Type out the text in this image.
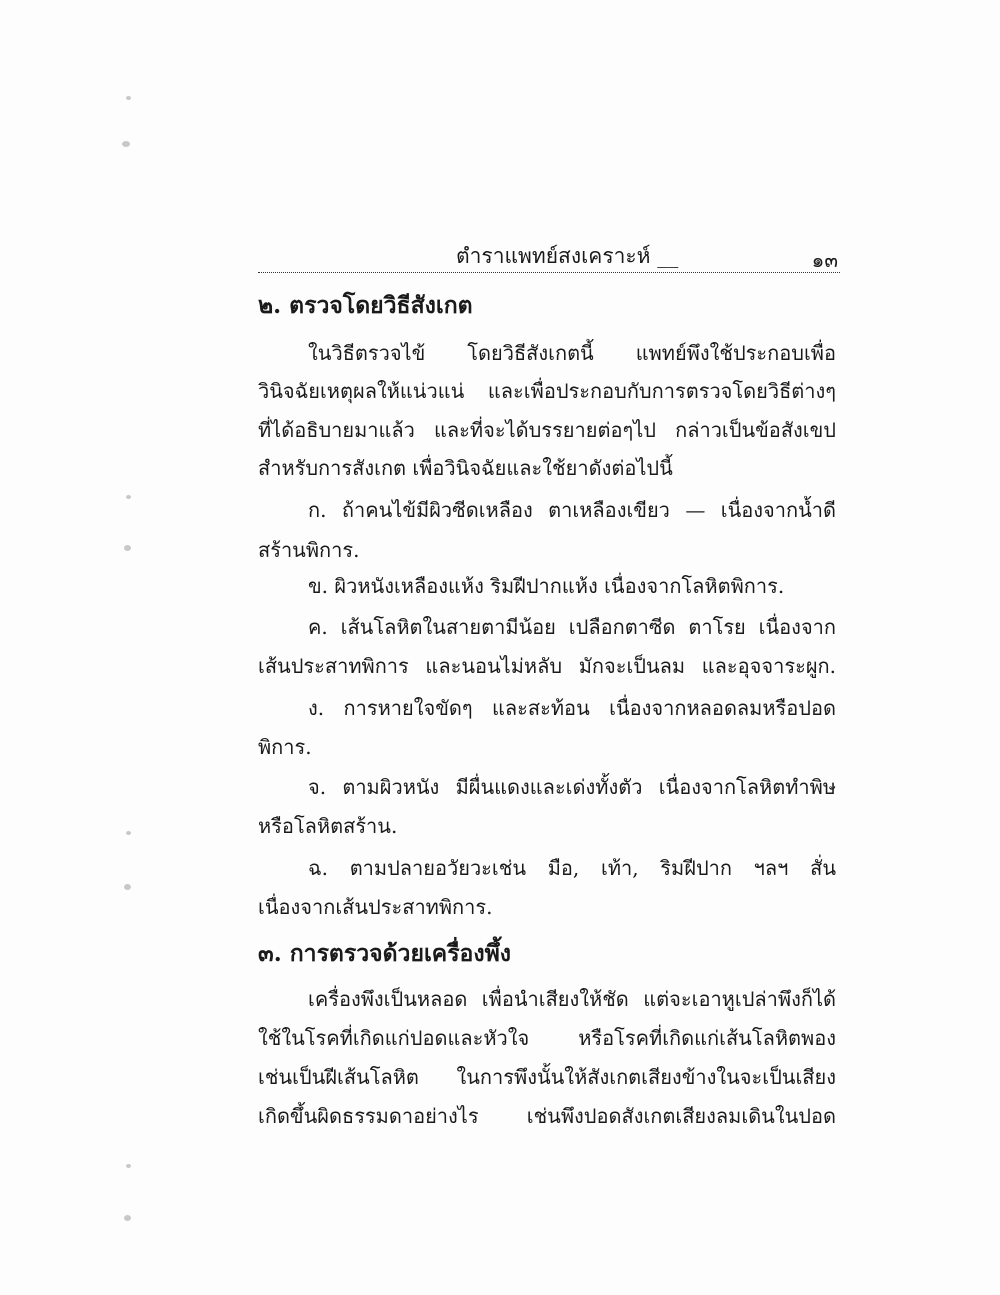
ตำราแพทย์สงเคราะห์ __	๑๓
๒. ตรวจโดยวิธีสังเกต
ในวิธีตรวจไข้ โดยวิธีสังเกตนี้ แพทย์พึงใช้ประกอบเพื่อ
วินิจฉัยเหตุผลให้แน่วแน่ และเพื่อประกอบกับการตรวจโดยวิธีต่างๆ
ที่ได้อธิบายมาแล้ว และที่จะได้บรรยายต่อๆไป กล่าวเป็นข้อสังเขป
สำหรับการสังเกต เพื่อวินิจฉัยและใช้ยาดังต่อไปนี้
ก. ถ้าคนไข้มีผิวซีดเหลือง ตาเหลืองเขียว — เนื่องจากน้ำดี
สร้านพิการ.
ข. ผิวหนังเหลืองแห้ง ริมฝีปากแห้ง เนื่องจากโลหิตพิการ.
ค. เส้นโลหิตในสายตามีน้อย เปลือกตาซีด ตาโรย เนื่องจาก
เส้นประสาทพิการ และนอนไม่หลับ มักจะเป็นลม และอุจจาระผูก.
ง. การหายใจขัดๆ และสะท้อน เนื่องจากหลอดลมหรือปอด
พิการ.
จ. ตามผิวหนัง มีผื่นแดงและเด่งทั้งตัว เนื่องจากโลหิตทำพิษ
หรือโลหิตสร้าน.
ฉ. ตามปลายอวัยวะเช่น มือ, เท้า, ริมฝีปาก ฯลฯ สั่น
เนื่องจากเส้นประสาทพิการ.
๓. การตรวจด้วยเครื่องพึ้ง
เครื่องพึงเป็นหลอด เพื่อนำเสียงให้ชัด แต่จะเอาหูเปล่าพึงก็ได้
ใช้ในโรคที่เกิดแก่ปอดและหัวใจ หรือโรคที่เกิดแก่เส้นโลหิตพอง
เช่นเป็นฝีเส้นโลหิต ในการพึงนั้นให้สังเกตเสียงข้างในจะเป็นเสียง
เกิดขึ้นผิดธรรมดาอย่างไร เช่นพึงปอดสังเกตเสียงลมเดินในปอด
